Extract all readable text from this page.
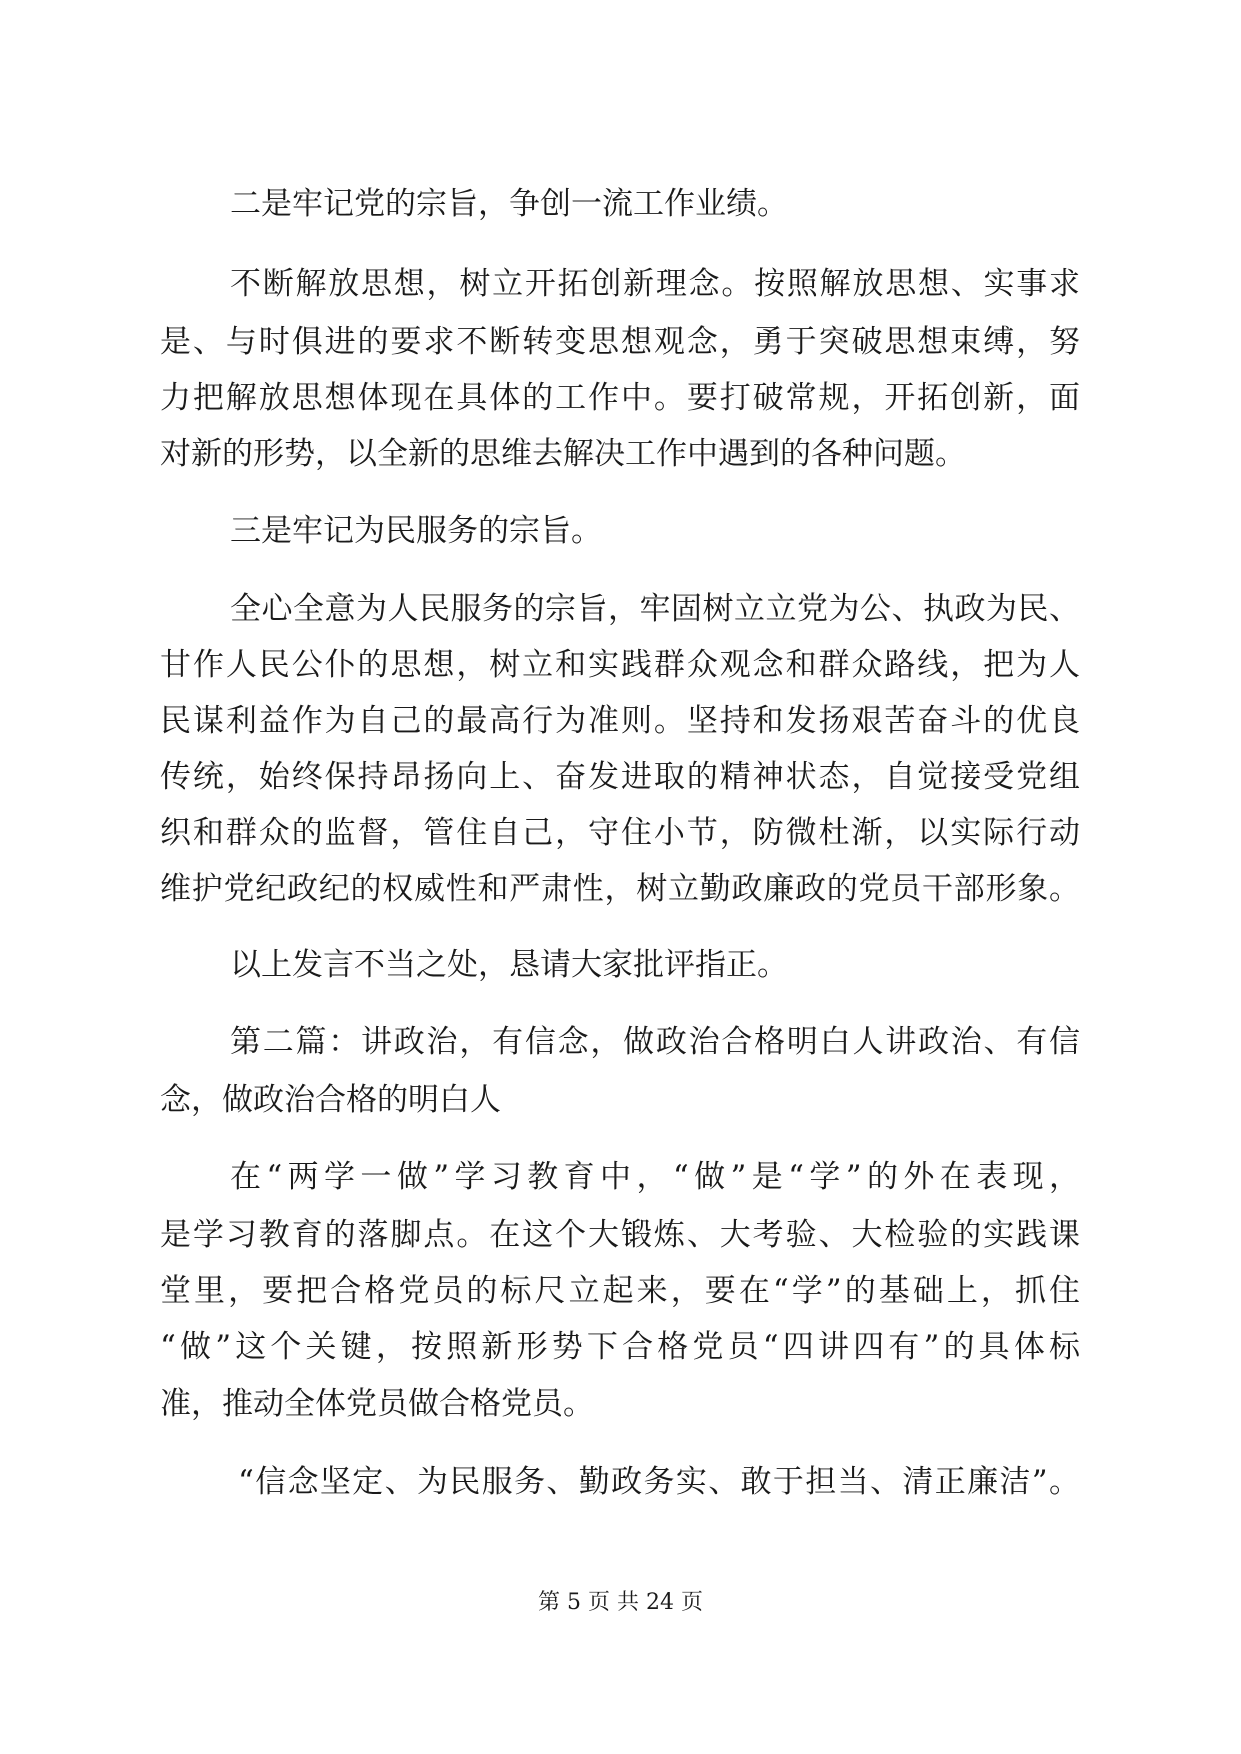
二是牢记党的宗旨，争创一流工作业绩。
不断解放思想，树立开拓创新理念。按照解放思想、实事求
是、与时俱进的要求不断转变思想观念，勇于突破思想束缚，努
力把解放思想体现在具体的工作中。要打破常规，开拓创新，面
对新的形势，以全新的思维去解决工作中遇到的各种问题。
三是牢记为民服务的宗旨。
全心全意为人民服务的宗旨，牢固树立立党为公、执政为民、
甘作人民公仆的思想，树立和实践群众观念和群众路线，把为人
民谋利益作为自己的最高行为准则。坚持和发扬艰苦奋斗的优良
传统，始终保持昂扬向上、奋发进取的精神状态，自觉接受党组
织和群众的监督，管住自己，守住小节，防微杜渐，以实际行动
维护党纪政纪的权威性和严肃性，树立勤政廉政的党员干部形象。
以上发言不当之处，恳请大家批评指正。
第二篇：讲政治，有信念，做政治合格明白人讲政治、有信
念，做政治合格的明白人
在“两学一做”学习教育中，“做”是“学”的外在表现，
是学习教育的落脚点。在这个大锻炼、大考验、大检验的实践课
堂里，要把合格党员的标尺立起来，要在“学”的基础上，抓住
“做”这个关键，按照新形势下合格党员“四讲四有”的具体标
准，推动全体党员做合格党员。
“信念坚定、为民服务、勤政务实、敢于担当、清正廉洁”。
第 5 页 共 24 页
